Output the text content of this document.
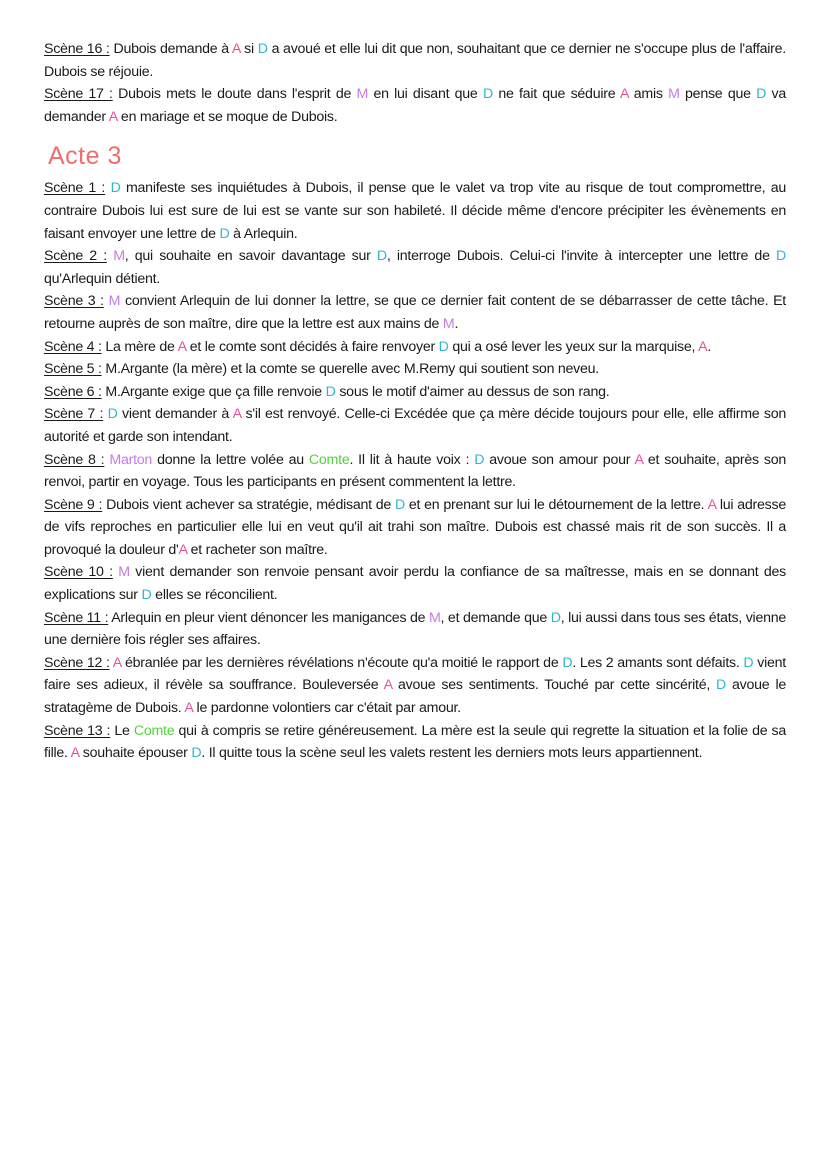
Scène 16 : Dubois demande à A si D a avoué et elle lui dit que non, souhaitant que ce dernier ne s'occupe plus de l'affaire. Dubois se réjouie.

Scène 17 : Dubois mets le doute dans l'esprit de M en lui disant que D ne fait que séduire A amis M pense que D va demander A en mariage et se moque de Dubois.

Acte 3

Scène 1 : D manifeste ses inquiétudes à Dubois, il pense que le valet va trop vite au risque de tout compromettre, au contraire Dubois lui est sure de lui est se vante sur son habileté. Il décide même d'encore précipiter les évènements en faisant envoyer une lettre de D à Arlequin.

Scène 2 : M, qui souhaite en savoir davantage sur D, interroge Dubois. Celui-ci l'invite à intercepter une lettre de D qu'Arlequin détient.

Scène 3 : M convient Arlequin de lui donner la lettre, se que ce dernier fait content de se débarrasser de cette tâche. Et retourne auprès de son maître, dire que la lettre est aux mains de M.

Scène 4 : La mère de A et le comte sont décidés à faire renvoyer D qui a osé lever les yeux sur la marquise, A.

Scène 5 : M.Argante (la mère) et la comte se querelle avec M.Remy qui soutient son neveu.

Scène 6 : M.Argante exige que ça fille renvoie D sous le motif d'aimer au dessus de son rang.

Scène 7 : D vient demander à A s'il est renvoyé. Celle-ci Excédée que ça mère décide toujours pour elle, elle affirme son autorité et garde son intendant.

Scène 8 : Marton donne la lettre volée au Comte. Il lit à haute voix : D avoue son amour pour A et souhaite, après son renvoi, partir en voyage. Tous les participants en présent commentent la lettre.

Scène 9 : Dubois vient achever sa stratégie, médisant de D et en prenant sur lui le détournement de la lettre. A lui adresse de vifs reproches en particulier elle lui en veut qu'il ait trahi son maître. Dubois est chassé mais rit de son succès. Il a provoqué la douleur d'A et racheter son maître.

Scène 10 : M vient demander son renvoie pensant avoir perdu la confiance de sa maîtresse, mais en se donnant des explications sur D elles se réconcilient.

Scène 11 : Arlequin en pleur vient dénoncer les manigances de M, et demande que D, lui aussi dans tous ses états, vienne une dernière fois régler ses affaires.

Scène 12 : A ébranlée par les dernières révélations n'écoute qu'a moitié le rapport de D. Les 2 amants sont défaits. D vient faire ses adieux, il révèle sa souffrance. Bouleversée A avoue ses sentiments. Touché par cette sincérité, D avoue le stratagème de Dubois. A le pardonne volontiers car c'était par amour.

Scène 13 : Le Comte qui à compris se retire généreusement. La mère est la seule qui regrette la situation et la folie de sa fille. A souhaite épouser D. Il quitte tous la scène seul les valets restent les derniers mots leurs appartiennent.
